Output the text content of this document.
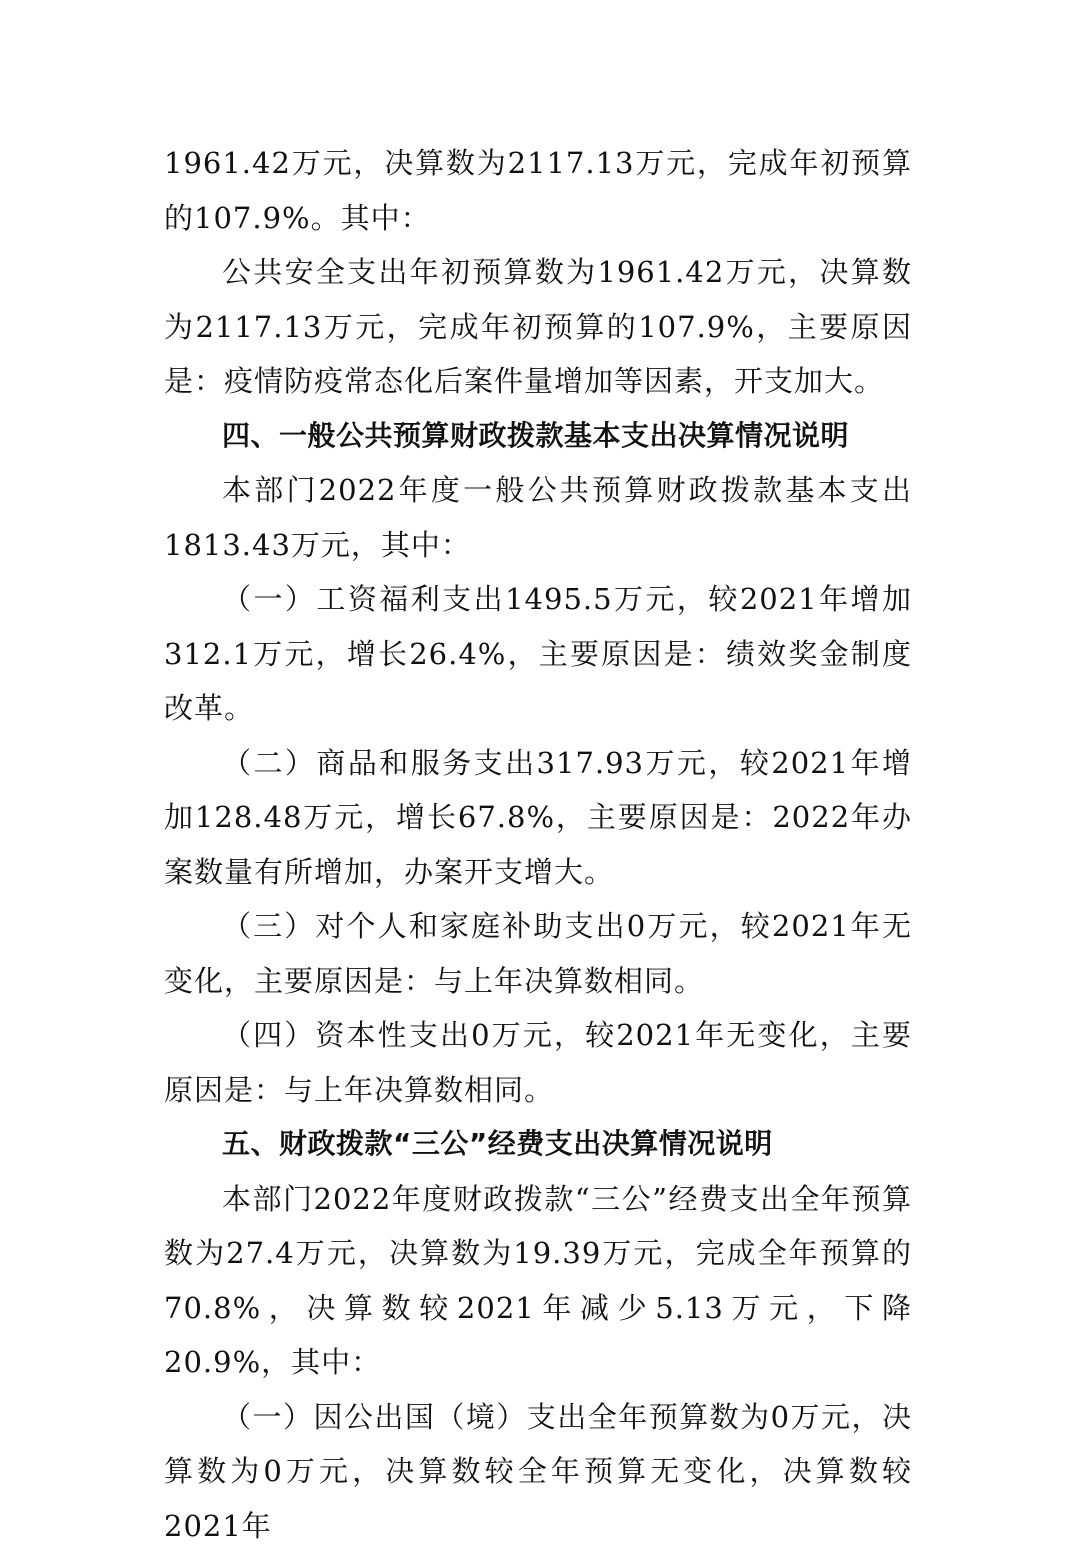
1961.42万元，决算数为2117.13万元，完成年初预算的107.9%。其中：

公共安全支出年初预算数为1961.42万元，决算数为2117.13万元，完成年初预算的107.9%，主要原因是：疫情防疫常态化后案件量增加等因素，开支加大。

四、一般公共预算财政拨款基本支出决算情况说明

本部门2022年度一般公共预算财政拨款基本支出1813.43万元，其中：

（一）工资福利支出1495.5万元，较2021年增加312.1万元，增长26.4%，主要原因是：绩效奖金制度改革。

（二）商品和服务支出317.93万元，较2021年增加128.48万元，增长67.8%，主要原因是：2022年办案数量有所增加，办案开支增大。

（三）对个人和家庭补助支出0万元，较2021年无变化，主要原因是：与上年决算数相同。

（四）资本性支出0万元，较2021年无变化，主要原因是：与上年决算数相同。

五、财政拨款“三公”经费支出决算情况说明

本部门2022年度财政拨款“三公”经费支出全年预算数为27.4万元，决算数为19.39万元，完成全年预算的70.8%，决算数较2021年减少5.13万元，下降20.9%，其中：

（一）因公出国（境）支出全年预算数为0万元，决算数为0万元，决算数较全年预算无变化，决算数较2021年
